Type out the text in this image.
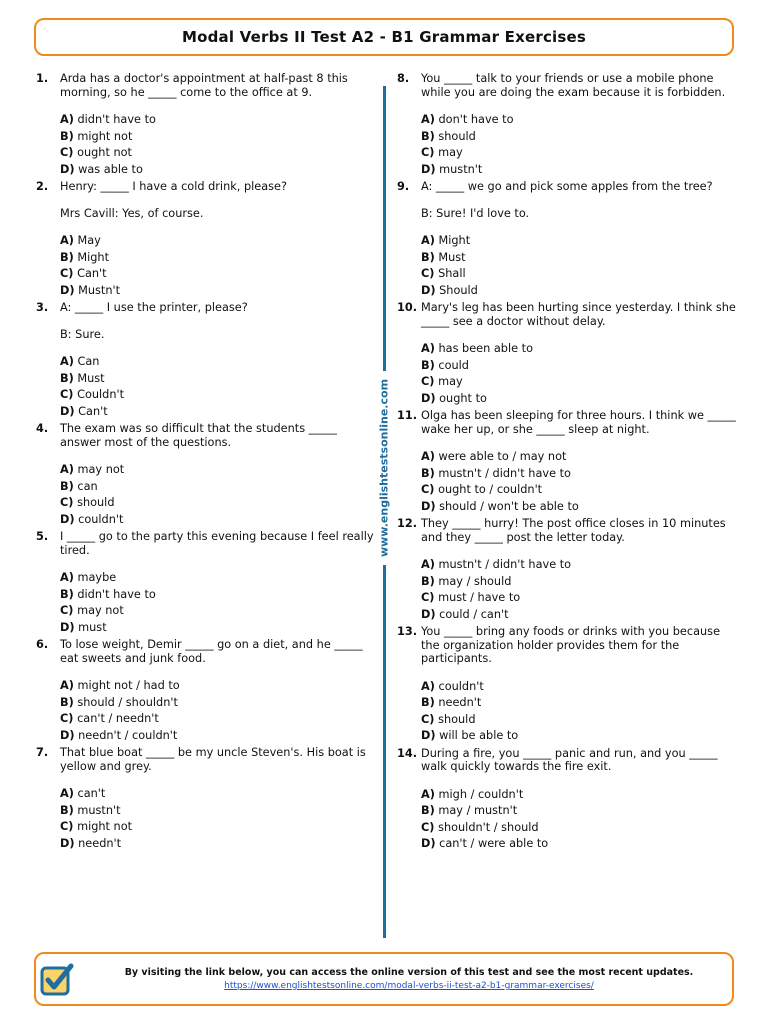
Modal Verbs II Test A2 - B1 Grammar Exercises
www.englishtestsonline.com
1. Arda has a doctor's appointment at half-past 8 this morning, so he _____ come to the office at 9.
A) didn't have to
B) might not
C) ought not
D) was able to
2. Henry: _____ I have a cold drink, please?
Mrs Cavill: Yes, of course.
A) May
B) Might
C) Can't
D) Mustn't
3. A: _____ I use the printer, please?
B: Sure.
A) Can
B) Must
C) Couldn't
D) Can't
4. The exam was so difficult that the students _____ answer most of the questions.
A) may not
B) can
C) should
D) couldn't
5. I _____ go to the party this evening because I feel really tired.
A) maybe
B) didn't have to
C) may not
D) must
6. To lose weight, Demir _____ go on a diet, and he _____ eat sweets and junk food.
A) might not / had to
B) should / shouldn't
C) can't / needn't
D) needn't / couldn't
7. That blue boat _____ be my uncle Steven's. His boat is yellow and grey.
A) can't
B) mustn't
C) might not
D) needn't
8. You _____ talk to your friends or use a mobile phone while you are doing the exam because it is forbidden.
A) don't have to
B) should
C) may
D) mustn't
9. A: _____ we go and pick some apples from the tree?
B: Sure! I'd love to.
A) Might
B) Must
C) Shall
D) Should
10. Mary's leg has been hurting since yesterday. I think she _____ see a doctor without delay.
A) has been able to
B) could
C) may
D) ought to
11. Olga has been sleeping for three hours. I think we _____ wake her up, or she _____ sleep at night.
A) were able to / may not
B) mustn't / didn't have to
C) ought to / couldn't
D) should / won't be able to
12. They _____ hurry! The post office closes in 10 minutes and they _____ post the letter today.
A) mustn't / didn't have to
B) may / should
C) must / have to
D) could / can't
13. You _____ bring any foods or drinks with you because the organization holder provides them for the participants.
A) couldn't
B) needn't
C) should
D) will be able to
14. During a fire, you _____ panic and run, and you _____ walk quickly towards the fire exit.
A) migh / couldn't
B) may / mustn't
C) shouldn't / should
D) can't / were able to
By visiting the link below, you can access the online version of this test and see the most recent updates.
https://www.englishtestsonline.com/modal-verbs-ii-test-a2-b1-grammar-exercises/
